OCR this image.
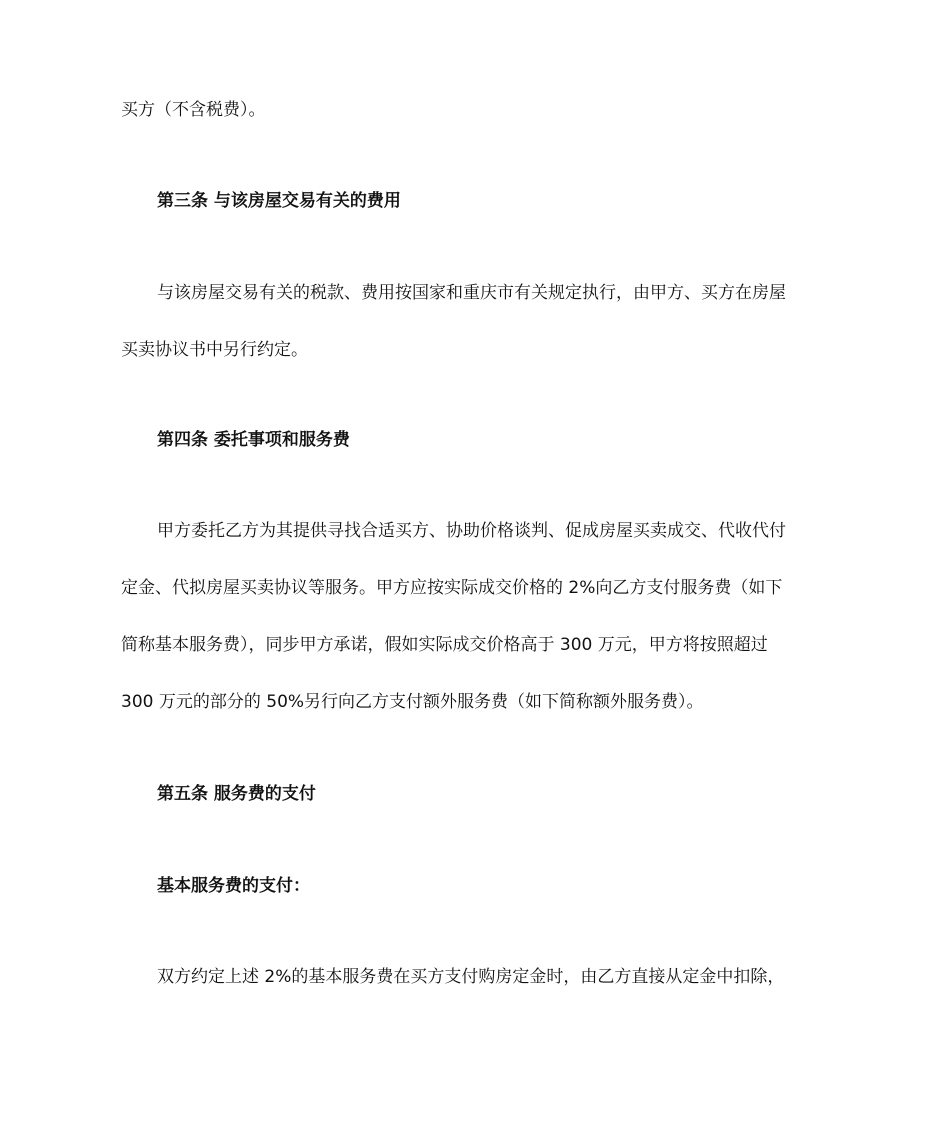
买方（不含税费）。
第三条 与该房屋交易有关的费用
与该房屋交易有关的税款、费用按国家和重庆市有关规定执行，由甲方、买方在房屋
买卖协议书中另行约定。
第四条 委托事项和服务费
甲方委托乙方为其提供寻找合适买方、协助价格谈判、促成房屋买卖成交、代收代付
定金、代拟房屋买卖协议等服务。甲方应按实际成交价格的 2%向乙方支付服务费（如下
简称基本服务费），同步甲方承诺，假如实际成交价格高于 300 万元，甲方将按照超过
300 万元的部分的 50%另行向乙方支付额外服务费（如下简称额外服务费）。
第五条 服务费的支付
基本服务费的支付：
双方约定上述 2%的基本服务费在买方支付购房定金时，由乙方直接从定金中扣除，
